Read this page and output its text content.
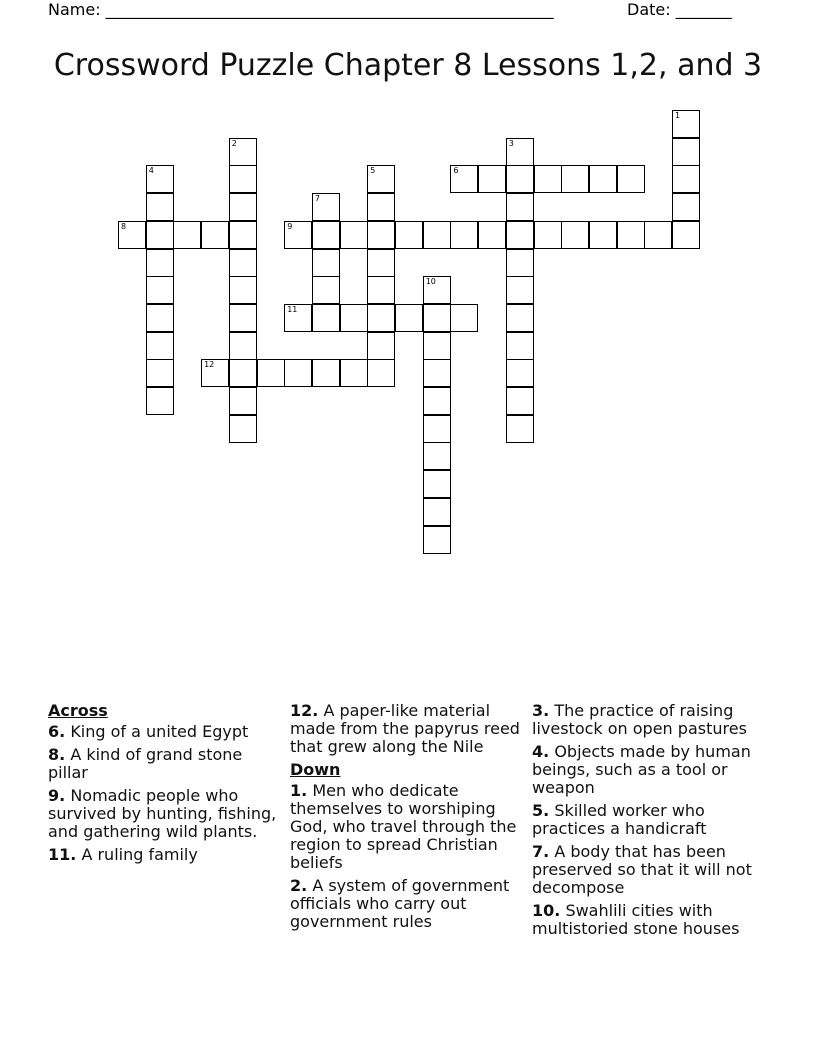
Name: ________________________________________________________	Date: _______
Crossword Puzzle Chapter 8 Lessons 1,2, and 3
1
2	3
4	5	6
7
8	9
10
11
12
Across
6. King of a united Egypt
8. A kind of grand stone pillar
9. Nomadic people who survived by hunting, fishing, and gathering wild plants.
11. A ruling family
12. A paper-like material made from the papyrus reed that grew along the Nile
Down
1. Men who dedicate themselves to worshiping God, who travel through the region to spread Christian beliefs
2. A system of government officials who carry out government rules
3. The practice of raising livestock on open pastures
4. Objects made by human beings, such as a tool or weapon
5. Skilled worker who practices a handicraft
7. A body that has been preserved so that it will not decompose
10. Swahlili cities with multistoried stone houses
